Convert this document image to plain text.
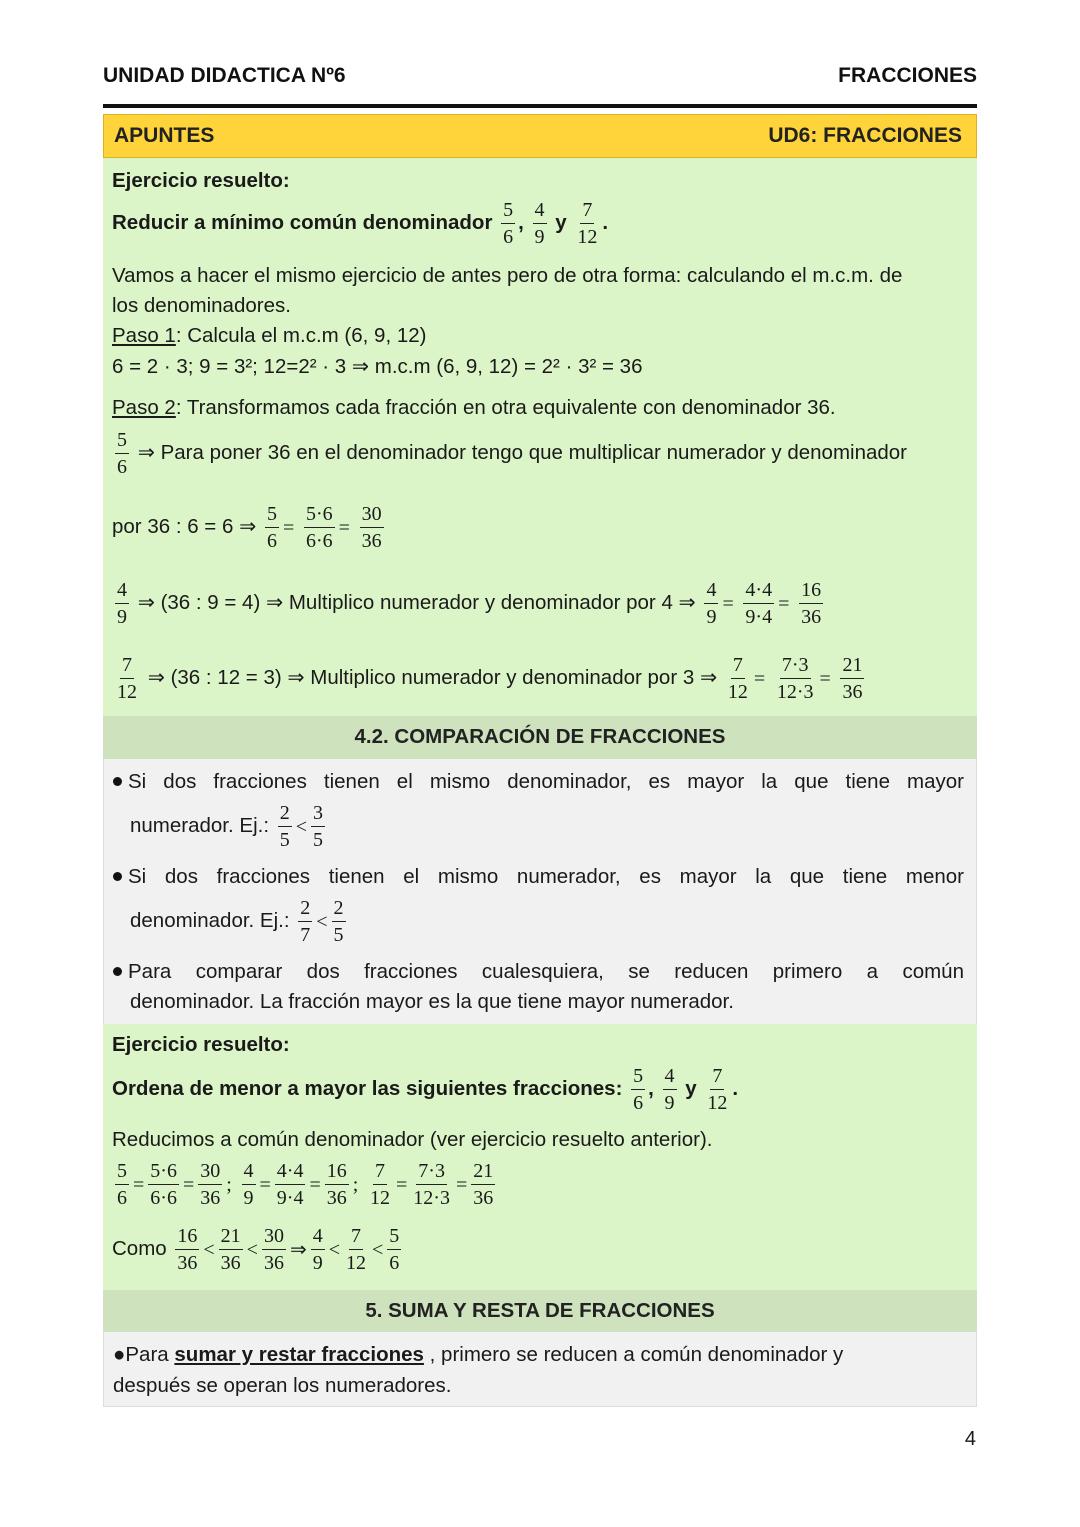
UNIDAD DIDACTICA Nº6	FRACCIONES
APUNTES	UD6: FRACCIONES
Ejercicio resuelto:
Reducir a mínimo común denominador $\frac{5}{6}$ , $\frac{4}{9}$ y $\frac{7}{12}$ .
Vamos a hacer el mismo ejercicio de antes pero de otra forma: calculando el m.c.m. de
los denominadores.
Paso 1: Calcula el m.c.m (6, 9, 12)
6 = 2 · 3; 9 = 3²; 12=2² · 3 ⇒ m.c.m (6, 9, 12) = 2² · 3² = 36
Paso 2: Transformamos cada fracción en otra equivalente con denominador 36.
$\frac{5}{6}$ ⇒ Para poner 36 en el denominador tengo que multiplicar numerador y denominador
por 36 : 6 = 6 ⇒ $\frac{5}{6} = \frac{5\cdot 6}{6\cdot 6} = \frac{30}{36}$
$\frac{4}{9}$ ⇒ (36 : 9 = 4) ⇒ Multiplico numerador y denominador por 4 ⇒ $\frac{4}{9} = \frac{4\cdot 4}{9\cdot 4} = \frac{16}{36}$
$\frac{7}{12}$ ⇒ (36 : 12 = 3) ⇒ Multiplico numerador y denominador por 3 ⇒ $\frac{7}{12} = \frac{7\cdot 3}{12\cdot 3} = \frac{21}{36}$
4.2. COMPARACIÓN DE FRACCIONES
Si dos fracciones tienen el mismo denominador, es mayor la que tiene mayor
numerador. Ej.: $\frac{2}{5} < \frac{3}{5}$
Si dos fracciones tienen el mismo numerador, es mayor la que tiene menor
denominador. Ej.: $\frac{2}{7} < \frac{2}{5}$
Para comparar dos fracciones cualesquiera, se reducen primero a común
denominador. La fracción mayor es la que tiene mayor numerador.
Ejercicio resuelto:
Ordena de menor a mayor las siguientes fracciones: $\frac{5}{6}$ , $\frac{4}{9}$ y $\frac{7}{12}$ .
Reducimos a común denominador (ver ejercicio resuelto anterior).
$\frac{5}{6} = \frac{5\cdot 6}{6\cdot 6} = \frac{30}{36}$ ; $\frac{4}{9} = \frac{4\cdot 4}{9\cdot 4} = \frac{16}{36}$ ; $\frac{7}{12} = \frac{7\cdot 3}{12\cdot 3} = \frac{21}{36}$
Como $\frac{16}{36} < \frac{21}{36} < \frac{30}{36}$ ⇒ $\frac{4}{9} < \frac{7}{12} < \frac{5}{6}$
5. SUMA Y RESTA DE FRACCIONES
●Para sumar y restar fracciones , primero se reducen a común denominador y
después se operan los numeradores.
4
